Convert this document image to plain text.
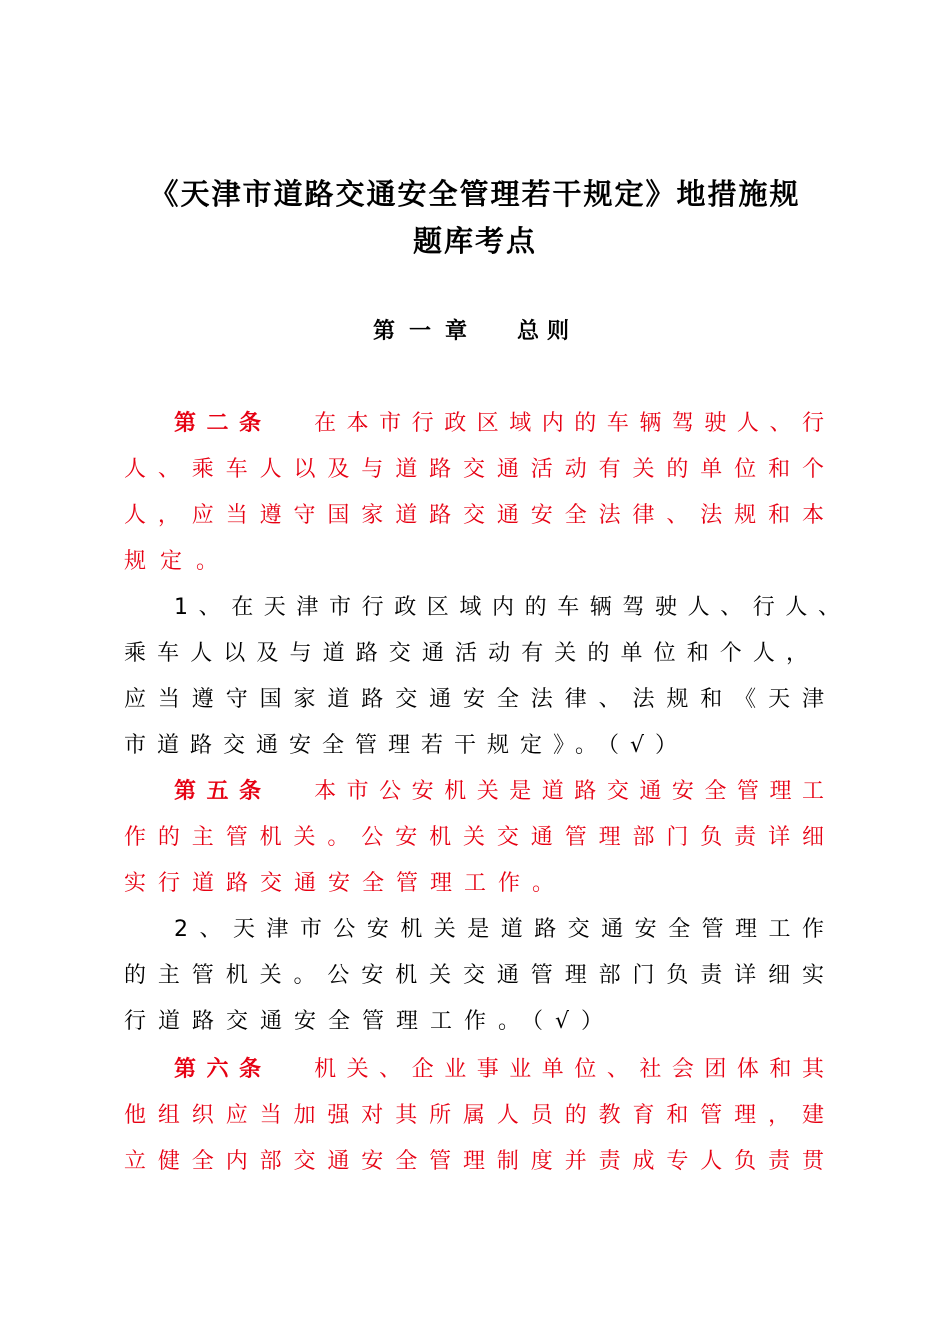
《天津市道路交通安全管理若干规定》地措施规
题库考点
第一章 总则
第二条 在本市行政区域内的车辆驾驶人、行
人、乘车人以及与道路交通活动有关的单位和个
人，应当遵守国家道路交通安全法律、法规和本
规定。
1、在天津市行政区域内的车辆驾驶人、行人、
乘车人以及与道路交通活动有关的单位和个人，
应当遵守国家道路交通安全法律、法规和《天津
市道路交通安全管理若干规定》。（√）
第五条 本市公安机关是道路交通安全管理工
作的主管机关。公安机关交通管理部门负责详细
实行道路交通安全管理工作。
2、天津市公安机关是道路交通安全管理工作
的主管机关。公安机关交通管理部门负责详细实
行道路交通安全管理工作。（√）
第六条 机关、企业事业单位、社会团体和其
他组织应当加强对其所属人员的教育和管理，建
立健全内部交通安全管理制度并责成专人负责贯
